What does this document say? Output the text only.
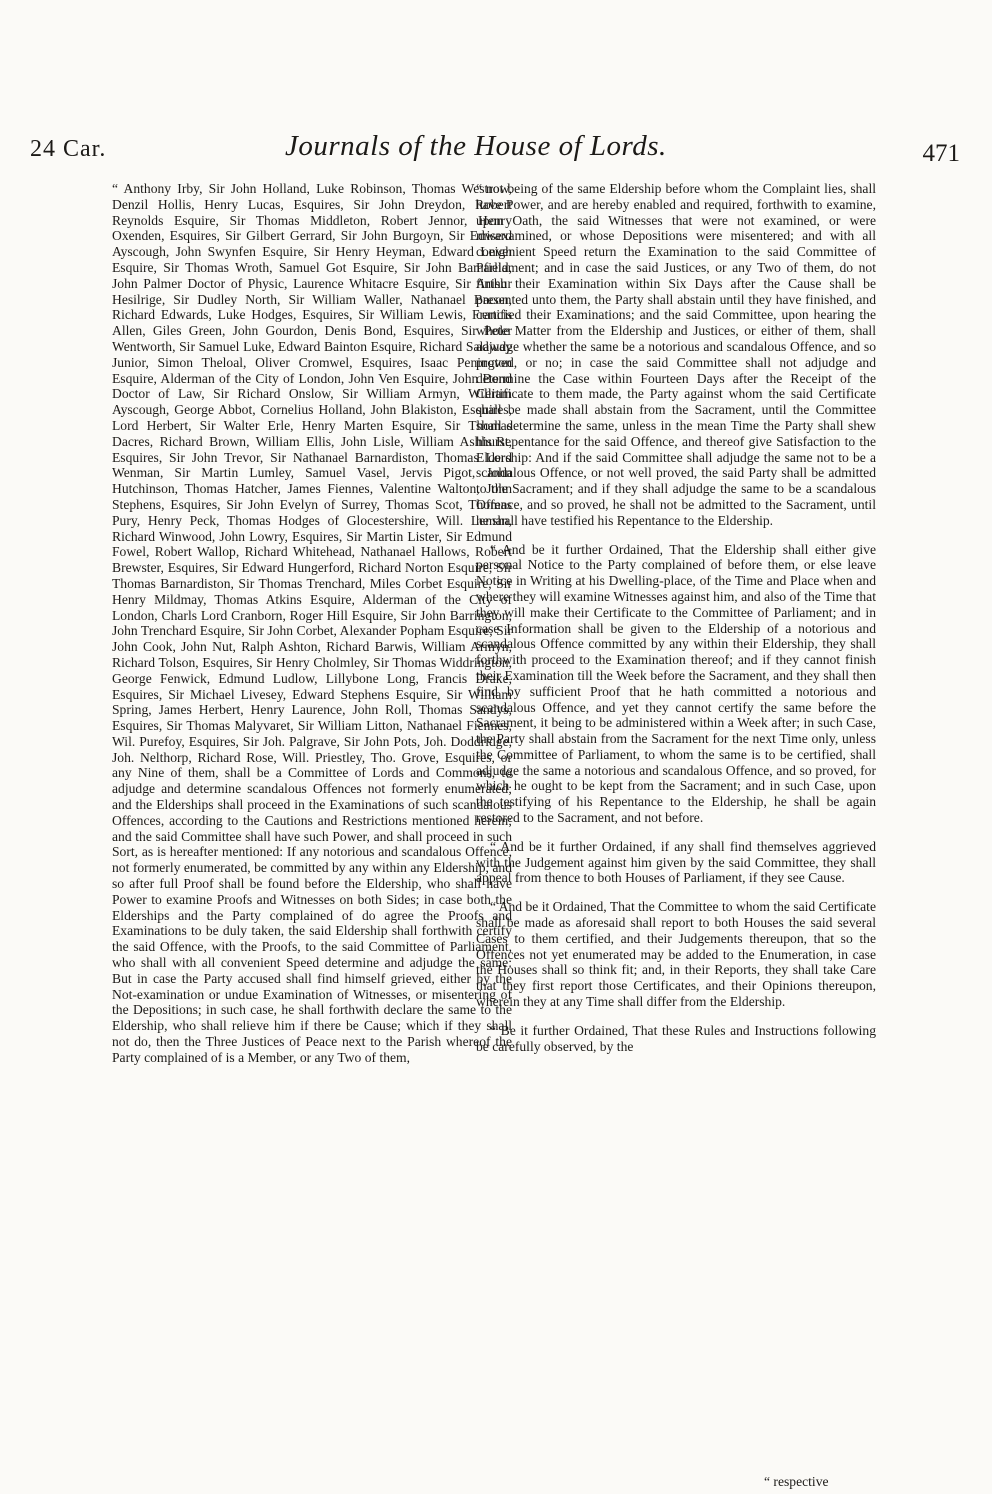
24 Car.	Journals of the House of Lords.	471

“ Anthony Irby, Sir John Holland, Luke Robinson, Thomas Westrow, Denzil Hollis, Henry Lucas, Esquires, Sir John Dreydon, Robert Reynolds Esquire, Sir Thomas Middleton, Robert Jennor, Henry Oxenden, Esquires, Sir Gilbert Gerrard, Sir John Burgoyn, Sir Edward Ayscough, John Swynfen Esquire, Sir Henry Heyman, Edward Leigh Esquire, Sir Thomas Wroth, Samuel Got Esquire, Sir John Bamfield, John Palmer Doctor of Physic, Laurence Whitacre Esquire, Sir Arthur Hesilrige, Sir Dudley North, Sir William Waller, Nathanael Bacon, Richard Edwards, Luke Hodges, Esquires, Sir William Lewis, Francis Allen, Giles Green, John Gourdon, Denis Bond, Esquires, Sir Peter Wentworth, Sir Samuel Luke, Edward Bainton Esquire, Richard Salaway Junior, Simon Theloal, Oliver Cromwel, Esquires, Isaac Penington Esquire, Alderman of the City of London, John Ven Esquire, John Bond Doctor of Law, Sir Richard Onslow, Sir William Armyn, William Ayscough, George Abbot, Cornelius Holland, John Blakiston, Esquires, Lord Herbert, Sir Walter Erle, Henry Marten Esquire, Sir Thomas Dacres, Richard Brown, William Ellis, John Lisle, William Ashhurst, Esquires, Sir John Trevor, Sir Nathanael Barnardiston, Thomas Lord Wenman, Sir Martin Lumley, Samuel Vasel, Jervis Pigot, John Hutchinson, Thomas Hatcher, James Fiennes, Valentine Walton, John Stephens, Esquires, Sir John Evelyn of Surrey, Thomas Scot, Thomas Pury, Henry Peck, Thomas Hodges of Glocestershire, Will. Leman, Richard Winwood, John Lowry, Esquires, Sir Martin Lister, Sir Edmund Fowel, Robert Wallop, Richard Whitehead, Nathanael Hallows, Robert Brewster, Esquires, Sir Edward Hungerford, Richard Norton Esquire, Sir Thomas Barnardiston, Sir Thomas Trenchard, Miles Corbet Esquire, Sir Henry Mildmay, Thomas Atkins Esquire, Alderman of the City of London, Charls Lord Cranborn, Roger Hill Esquire, Sir John Barrington, John Trenchard Esquire, Sir John Corbet, Alexander Popham Esquire, Sir John Cook, John Nut, Ralph Ashton, Richard Barwis, William Armyn, Richard Tolson, Esquires, Sir Henry Cholmley, Sir Thomas Widdrington, George Fenwick, Edmund Ludlow, Lillybone Long, Francis Drake, Esquires, Sir Michael Livesey, Edward Stephens Esquire, Sir William Spring, James Herbert, Henry Laurence, John Roll, Thomas Sandys, Esquires, Sir Thomas Malyvaret, Sir William Litton, Nathanael Fiennes, Wil. Purefoy, Esquires, Sir Joh. Palgrave, Sir John Pots, Joh. Doddridge, Joh. Nelthorp, Richard Rose, Will. Priestley, Tho. Grove, Esquires, or any Nine of them, shall be a Committee of Lords and Commons, to adjudge and determine scandalous Offences not formerly enumerated; and the Elderships shall proceed in the Examinations of such scandalous Offences, according to the Cautions and Restrictions mentioned herein; and the said Committee shall have such Power, and shall proceed in such Sort, as is hereafter mentioned: If any notorious and scandalous Offence, not formerly enumerated, be committed by any within any Eldership, and so after full Proof shall be found before the Eldership, who shall have Power to examine Proofs and Witnesses on both Sides; in case both the Elderships and the Party complained of do agree the Proofs and Examinations to be duly taken, the said Eldership shall forthwith certify the said Offence, with the Proofs, to the said Committee of Parliament, who shall with all convenient Speed determine and adjudge the same: But in case the Party accused shall find himself grieved, either by the Not-examination or undue Examination of Witnesses, or misentering of the Depositions; in such case, he shall forthwith declare the same to the Eldership, who shall relieve him if there be Cause; which if they shall not do, then the Three Justices of Peace next to the Parish whereof the Party complained of is a Member, or any Two of them,

“ not being of the same Eldership before whom the Complaint lies, shall have Power, and are hereby enabled and required, forthwith to examine, upon Oath, the said Witnesses that were not examined, or were misexamined, or whose Depositions were misentered; and with all convenient Speed return the Examination to the said Committee of Parliament; and in case the said Justices, or any Two of them, do not finish their Examination within Six Days after the Cause shall be presented unto them, the Party shall abstain until they have finished, and certified their Examinations; and the said Committee, upon hearing the whole Matter from the Eldership and Justices, or either of them, shall adjudge whether the same be a notorious and scandalous Offence, and so proved, or no; in case the said Committee shall not adjudge and determine the Case within Fourteen Days after the Receipt of the Certificate to them made, the Party against whom the said Certificate shall be made shall abstain from the Sacrament, until the Committee shall determine the same, unless in the mean Time the Party shall shew his Repentance for the said Offence, and thereof give Satisfaction to the Eldership: And if the said Committee shall adjudge the same not to be a scandalous Offence, or not well proved, the said Party shall be admitted to the Sacrament; and if they shall adjudge the same to be a scandalous Offence, and so proved, he shall not be admitted to the Sacrament, until he shall have testified his Repentance to the Eldership.

“ And be it further Ordained, That the Eldership shall either give personal Notice to the Party complained of before them, or else leave Notice in Writing at his Dwelling-place, of the Time and Place when and where they will examine Witnesses against him, and also of the Time that they will make their Certificate to the Committee of Parliament; and in case Information shall be given to the Eldership of a notorious and scandalous Offence committed by any within their Eldership, they shall forthwith proceed to the Examination thereof; and if they cannot finish their Examination till the Week before the Sacrament, and they shall then find by sufficient Proof that he hath committed a notorious and scandalous Offence, and yet they cannot certify the same before the Sacrament, it being to be administered within a Week after; in such Case, the Party shall abstain from the Sacrament for the next Time only, unless the Committee of Parliament, to whom the same is to be certified, shall adjudge the same a notorious and scandalous Offence, and so proved, for which he ought to be kept from the Sacrament; and in such Case, upon the testifying of his Repentance to the Eldership, he shall be again restored to the Sacrament, and not before.

“ And be it further Ordained, if any shall find themselves aggrieved with the Judgement against him given by the said Committee, they shall appeal from thence to both Houses of Parliament, if they see Cause.

“ And be it Ordained, That the Committee to whom the said Certificate shall be made as aforesaid shall report to both Houses the said several Cases to them certified, and their Judgements thereupon, that so the Offences not yet enumerated may be added to the Enumeration, in case the Houses shall so think fit; and, in their Reports, they shall take Care that they first report those Certificates, and their Opinions thereupon, wherein they at any Time shall differ from the Eldership.

“ Be it further Ordained, That these Rules and Instructions following be carefully observed, by the

“ respective
